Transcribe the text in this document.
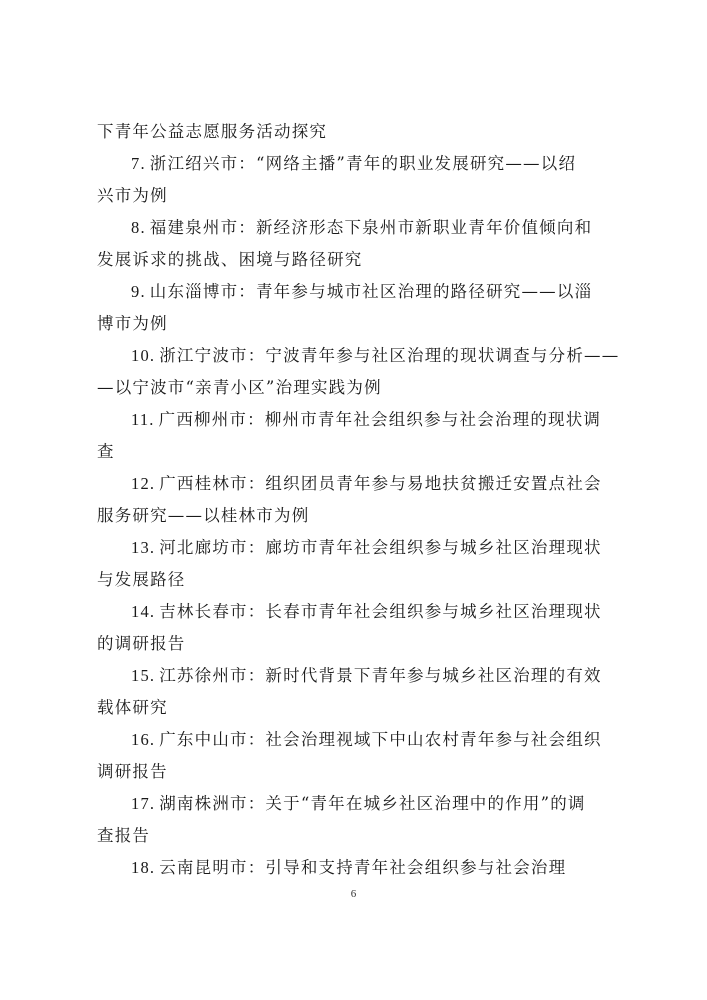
下青年公益志愿服务活动探究
7. 浙江绍兴市：“网络主播”青年的职业发展研究——以绍
兴市为例
8. 福建泉州市：新经济形态下泉州市新职业青年价值倾向和
发展诉求的挑战、困境与路径研究
9. 山东淄博市：青年参与城市社区治理的路径研究——以淄
博市为例
10. 浙江宁波市：宁波青年参与社区治理的现状调查与分析——
—以宁波市“亲青小区”治理实践为例
11. 广西柳州市：柳州市青年社会组织参与社会治理的现状调
查
12. 广西桂林市：组织团员青年参与易地扶贫搬迁安置点社会
服务研究——以桂林市为例
13. 河北廊坊市：廊坊市青年社会组织参与城乡社区治理现状
与发展路径
14. 吉林长春市：长春市青年社会组织参与城乡社区治理现状
的调研报告
15. 江苏徐州市：新时代背景下青年参与城乡社区治理的有效
载体研究
16. 广东中山市：社会治理视域下中山农村青年参与社会组织
调研报告
17. 湖南株洲市：关于“青年在城乡社区治理中的作用”的调
查报告
18. 云南昆明市：引导和支持青年社会组织参与社会治理
6
